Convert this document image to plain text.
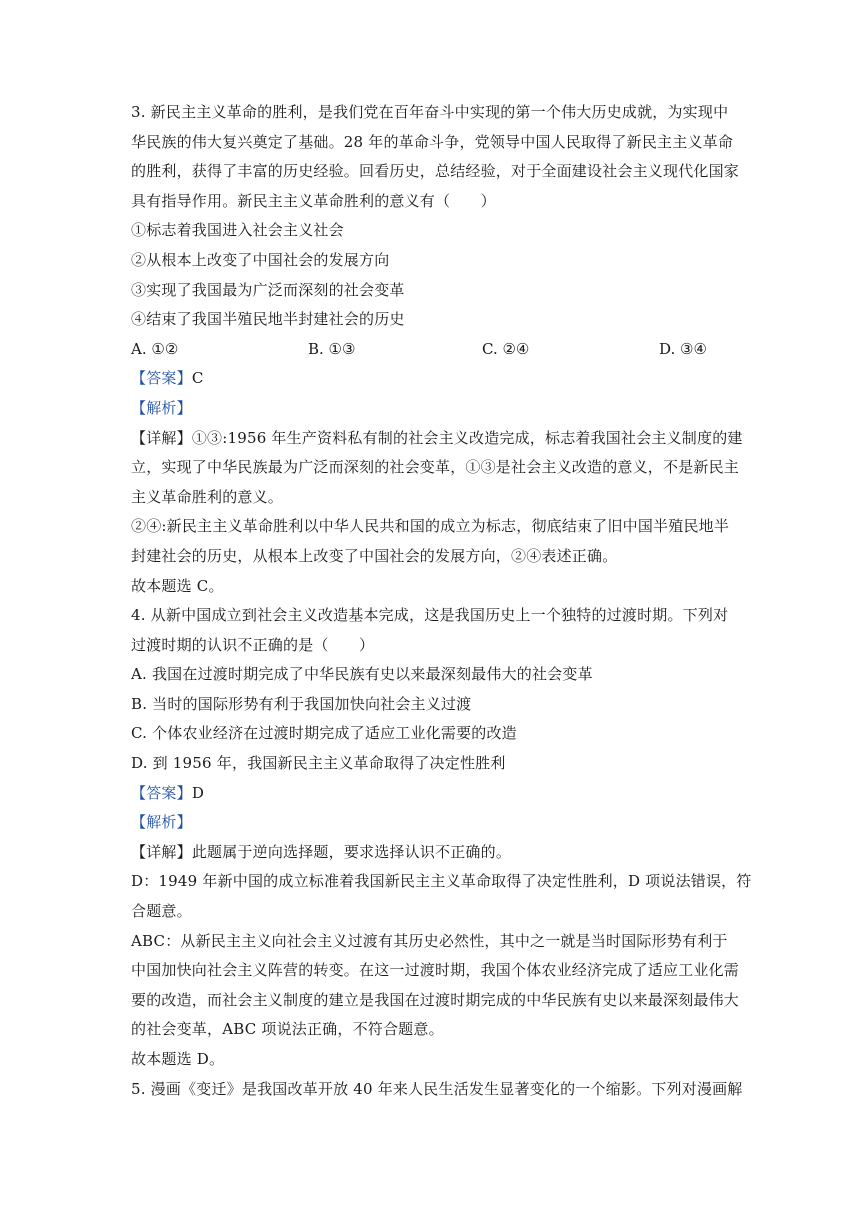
3. 新民主主义革命的胜利，是我们党在百年奋斗中实现的第一个伟大历史成就，为实现中
华民族的伟大复兴奠定了基础。28 年的革命斗争，党领导中国人民取得了新民主主义革命
的胜利，获得了丰富的历史经验。回看历史，总结经验，对于全面建设社会主义现代化国家
具有指导作用。新民主主义革命胜利的意义有（　　）
①标志着我国进入社会主义社会
②从根本上改变了中国社会的发展方向
③实现了我国最为广泛而深刻的社会变革
④结束了我国半殖民地半封建社会的历史
A. ①②	B. ①③	C. ②④	D. ③④
【答案】C
【解析】
【详解】①③:1956 年生产资料私有制的社会主义改造完成，标志着我国社会主义制度的建
立，实现了中华民族最为广泛而深刻的社会变革，①③是社会主义改造的意义，不是新民主
主义革命胜利的意义。
②④:新民主主义革命胜利以中华人民共和国的成立为标志，彻底结束了旧中国半殖民地半
封建社会的历史，从根本上改变了中国社会的发展方向，②④表述正确。
故本题选 C。
4. 从新中国成立到社会主义改造基本完成，这是我国历史上一个独特的过渡时期。下列对
过渡时期的认识不正确的是（　　）
A. 我国在过渡时期完成了中华民族有史以来最深刻最伟大的社会变革
B. 当时的国际形势有利于我国加快向社会主义过渡
C. 个体农业经济在过渡时期完成了适应工业化需要的改造
D. 到 1956 年，我国新民主主义革命取得了决定性胜利
【答案】D
【解析】
【详解】此题属于逆向选择题，要求选择认识不正确的。
D：1949 年新中国的成立标准着我国新民主主义革命取得了决定性胜利，D 项说法错误，符
合题意。
ABC：从新民主主义向社会主义过渡有其历史必然性，其中之一就是当时国际形势有利于
中国加快向社会主义阵营的转变。在这一过渡时期，我国个体农业经济完成了适应工业化需
要的改造，而社会主义制度的建立是我国在过渡时期完成的中华民族有史以来最深刻最伟大
的社会变革，ABC 项说法正确，不符合题意。
故本题选 D。
5. 漫画《变迁》是我国改革开放 40 年来人民生活发生显著变化的一个缩影。下列对漫画解
